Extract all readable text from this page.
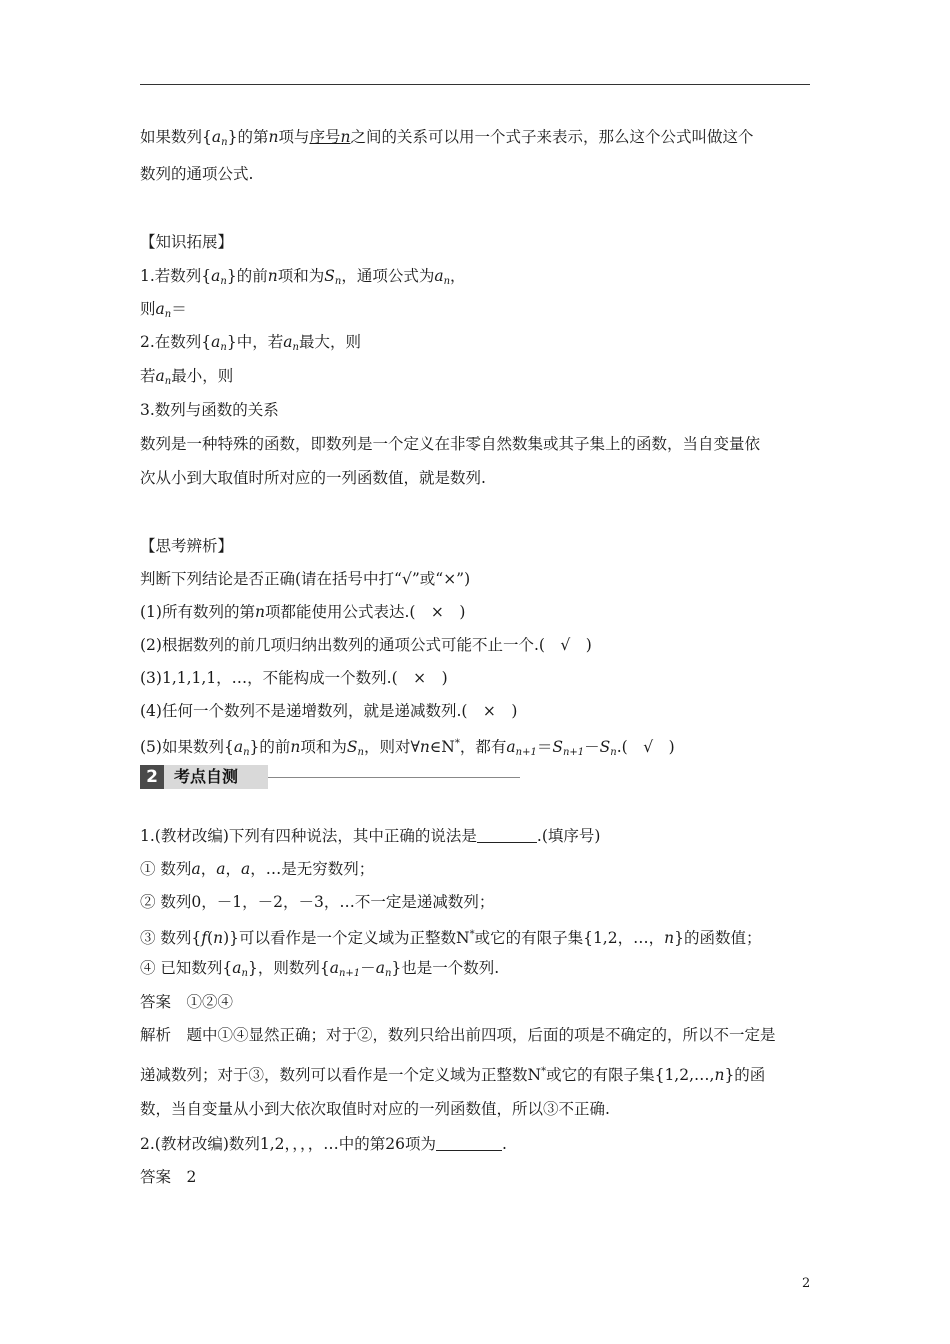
如果数列$\{a_n\}$的第n项与序号n之间的关系可以用一个式子来表示，那么这个公式叫做这个
数列的通项公式.
【知识拓展】
1.若数列$\{a_n\}$的前n项和为$S_n$，通项公式为$a_n$，
则$a_n=$
2.在数列$\{a_n\}$中，若$a_n$最大，则
若$a_n$最小，则
3.数列与函数的关系
数列是一种特殊的函数，即数列是一个定义在非零自然数集或其子集上的函数，当自变量依
次从小到大取值时所对应的一列函数值，就是数列.
【思考辨析】
判断下列结论是否正确(请在括号中打“√”或“×”)
(1)所有数列的第n项都能使用公式表达.(　×　)
(2)根据数列的前几项归纳出数列的通项公式可能不止一个.(　√　)
(3)1,1,1,1，…，不能构成一个数列.(　×　)
(4)任何一个数列不是递增数列，就是递减数列.(　×　)
(5)如果数列$\{a_n\}$的前n项和为$S_n$，则对∀n∈N*，都有$a_{n+1}=S_{n+1}-S_n$.(　√　)
2	考点自测
1.(教材改编)下列有四种说法，其中正确的说法是	.(填序号)
① 数列a，a，a，…是无穷数列；
② 数列0，－1，－2，－3，…不一定是递减数列；
③ 数列{f(n)}可以看作是一个定义域为正整数N*或它的有限子集{1,2，…，n}的函数值；
④ 已知数列$\{a_n\}$，则数列$\{a_{n+1}-a_n\}$也是一个数列.
答案　①②④
解析　题中①④显然正确；对于②，数列只给出前四项，后面的项是不确定的，所以不一定是
递减数列；对于③，数列可以看作是一个定义域为正整数N*或它的有限子集{1,2,…,n}的函
数，当自变量从小到大依次取值时对应的一列函数值，所以③不正确.
2.(教材改编)数列1,2，，，，…中的第26项为	.
答案　2
2
